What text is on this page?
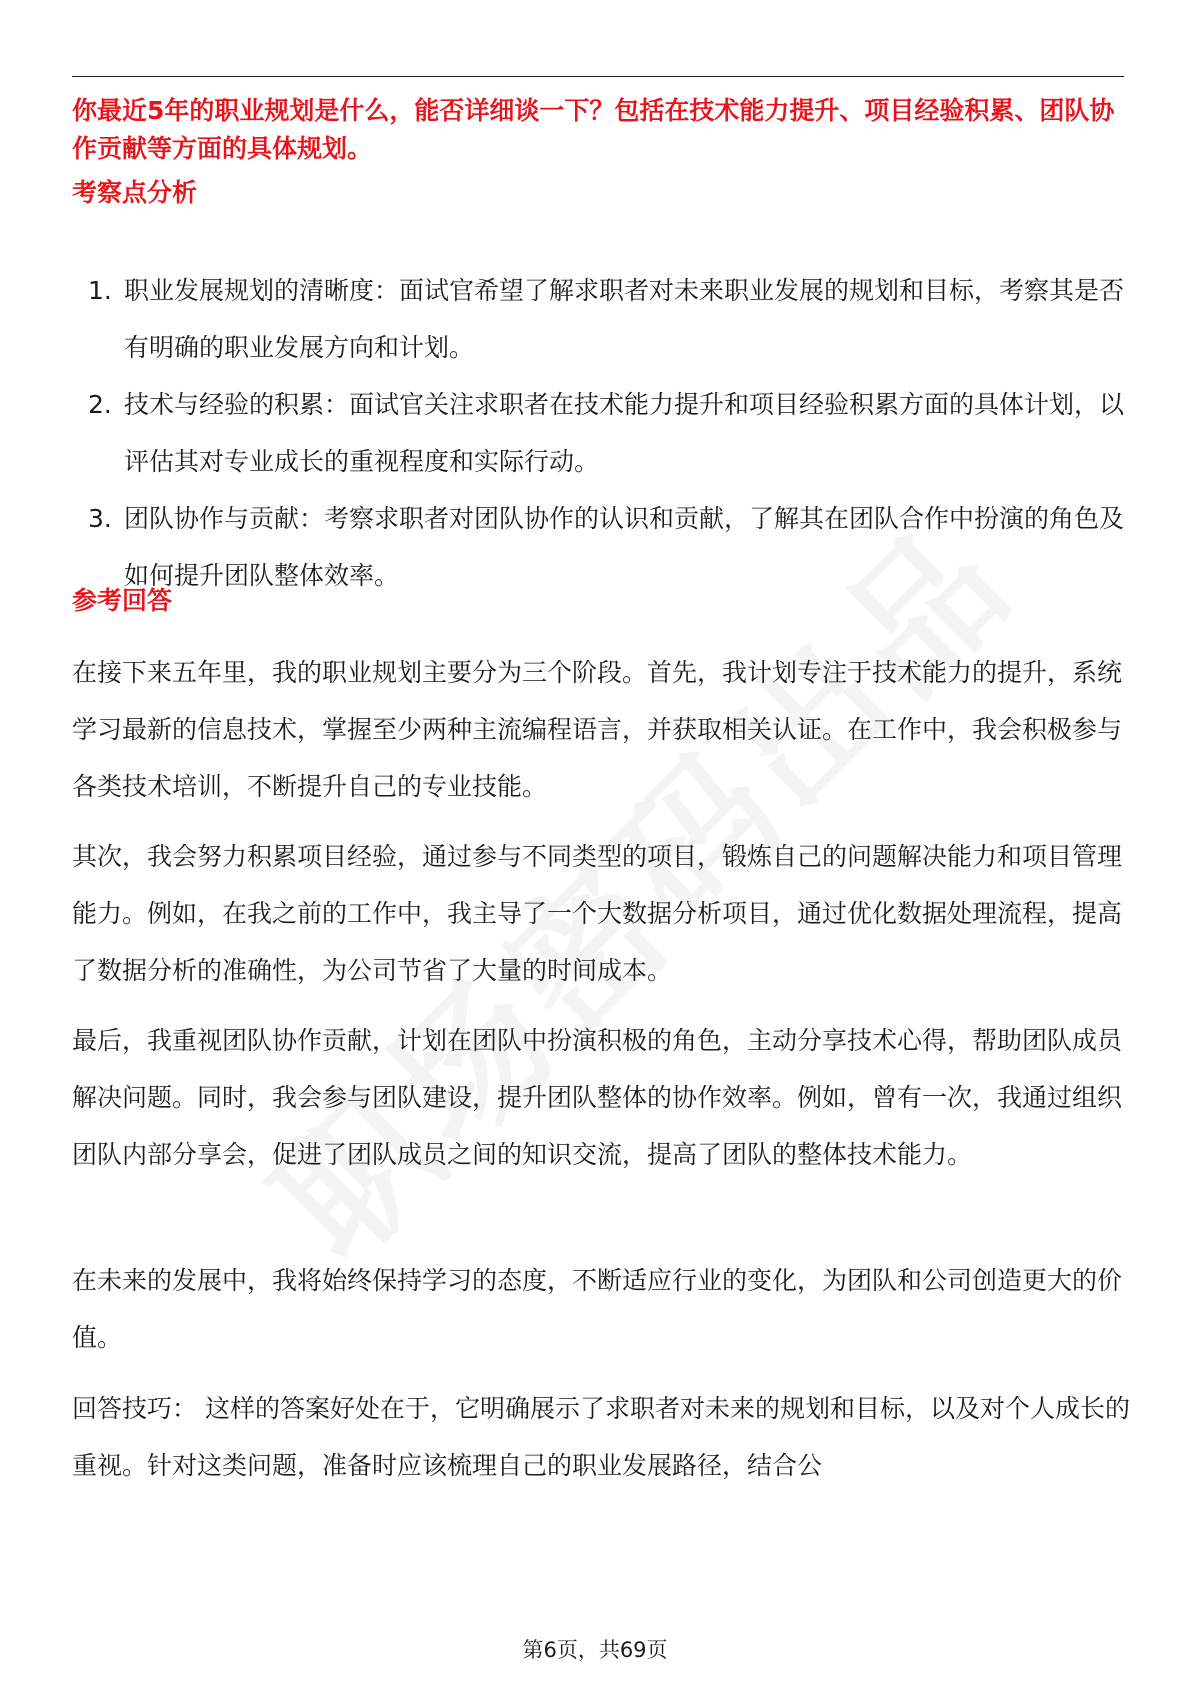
你最近5年的职业规划是什么，能否详细谈一下？包括在技术能力提升、项目经验积累、团队协作贡献等方面的具体规划。
考察点分析
1. 职业发展规划的清晰度：面试官希望了解求职者对未来职业发展的规划和目标，考察其是否有明确的职业发展方向和计划。
2. 技术与经验的积累：面试官关注求职者在技术能力提升和项目经验积累方面的具体计划，以评估其对专业成长的重视程度和实际行动。
3. 团队协作与贡献：考察求职者对团队协作的认识和贡献，了解其在团队合作中扮演的角色及如何提升团队整体效率。
参考回答

在接下来五年里，我的职业规划主要分为三个阶段。首先，我计划专注于技术能力的提升，系统学习最新的信息技术，掌握至少两种主流编程语言，并获取相关认证。在工作中，我会积极参与各类技术培训，不断提升自己的专业技能。

其次，我会努力积累项目经验，通过参与不同类型的项目，锻炼自己的问题解决能力和项目管理能力。例如，在我之前的工作中，我主导了一个大数据分析项目，通过优化数据处理流程，提高了数据分析的准确性，为公司节省了大量的时间成本。

最后，我重视团队协作贡献，计划在团队中扮演积极的角色，主动分享技术心得，帮助团队成员解决问题。同时，我会参与团队建设，提升团队整体的协作效率。例如，曾有一次，我通过组织团队内部分享会，促进了团队成员之间的知识交流，提高了团队的整体技术能力。

在未来的发展中，我将始终保持学习的态度，不断适应行业的变化，为团队和公司创造更大的价值。

回答技巧： 这样的答案好处在于，它明确展示了求职者对未来的规划和目标，以及对个人成长的重视。针对这类问题，准备时应该梳理自己的职业发展路径，结合公

第6页，共69页
